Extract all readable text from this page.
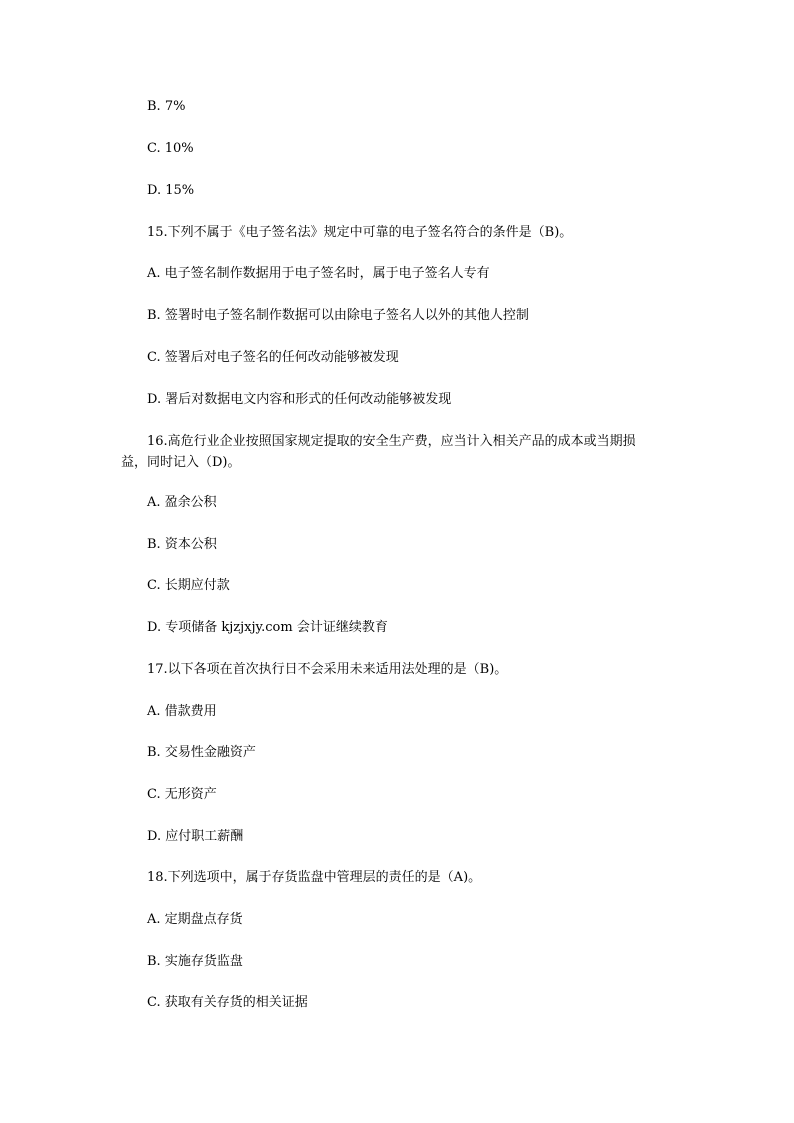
B. 7%
C. 10%
D. 15%
15.下列不属于《电子签名法》规定中可靠的电子签名符合的条件是（B)。
A. 电子签名制作数据用于电子签名时，属于电子签名人专有
B. 签署时电子签名制作数据可以由除电子签名人以外的其他人控制
C. 签署后对电子签名的任何改动能够被发现
D. 署后对数据电文内容和形式的任何改动能够被发现
16.高危行业企业按照国家规定提取的安全生产费，应当计入相关产品的成本或当期损
益，同时记入（D)。
A. 盈余公积
B. 资本公积
C. 长期应付款
D. 专项储备 kjzjxjy.com 会计证继续教育
17.以下各项在首次执行日不会采用未来适用法处理的是（B)。
A. 借款费用
B. 交易性金融资产
C. 无形资产
D. 应付职工薪酬
18.下列选项中，属于存货监盘中管理层的责任的是（A)。
A. 定期盘点存货
B. 实施存货监盘
C. 获取有关存货的相关证据
